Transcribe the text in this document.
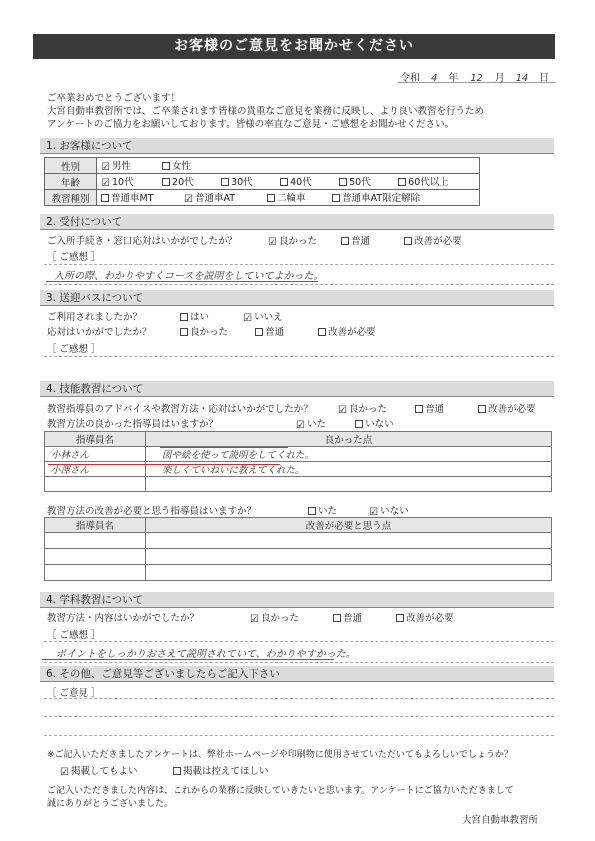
お客様のご意見をお聞かせください
令和 4 年 12 月 14 日
ご卒業おめでとうございます！
大宮自動車教習所では、ご卒業されます皆様の貴重なご意見を業務に反映し、より良い教習を行うため
アンケートのご協力をお願いしております。皆様の率直なご意見・ご感想をお聞かせください。
1. お客様について
性別	☑ 男性 女性
年齢	☑ 10代 20代 30代 40代 50代 60代以上
教習種別	普通車MT ☑ 普通車AT 二輪車 普通車AT限定解除
2. 受付について
ご入所手続き・窓口応対はいかがでしたか？	☑ 良かった	普通	改善が必要
［ ご感想 ］
入所の際、わかりやすくコースを説明をしていてよかった。
3. 送迎バスについて
ご利用されましたか？	はい	☑ いいえ
応対はいかがでしたか？	良かった	普通	改善が必要
［ ご感想 ］
4. 技能教習について
教習指導員のアドバイスや教習方法・応対はいかがでしたか？	☑ 良かった	普通	改善が必要
教習方法の良かった指導員はいますか？	☑ いた	いない
指導員名	良かった点
小林さん	図や絵を使って説明をしてくれた。
小澤さん	楽しくていねいに教えてくれた。

教習方法の改善が必要と思う指導員はいますか？	いた	☑ いない
指導員名	改善が必要と思う点

4. 学科教習について
教習方法・内容はいかがでしたか？	☑ 良かった	普通	改善が必要
［ ご感想 ］
ポイントをしっかりおさえて説明されていて、わかりやすかった。
6. その他、ご意見等ございましたらご記入下さい
［ ご意見 ］
※ご記入いただきましたアンケートは、弊社ホームページや印刷物に使用させていただいてもよろしいでしょうか？
☑ 掲載してもよい	掲載は控えてほしい
ご記入いただきました内容は、これからの業務に反映していきたいと思います。アンケートにご協力いただきまして
誠にありがとうございました。
大宮自動車教習所
